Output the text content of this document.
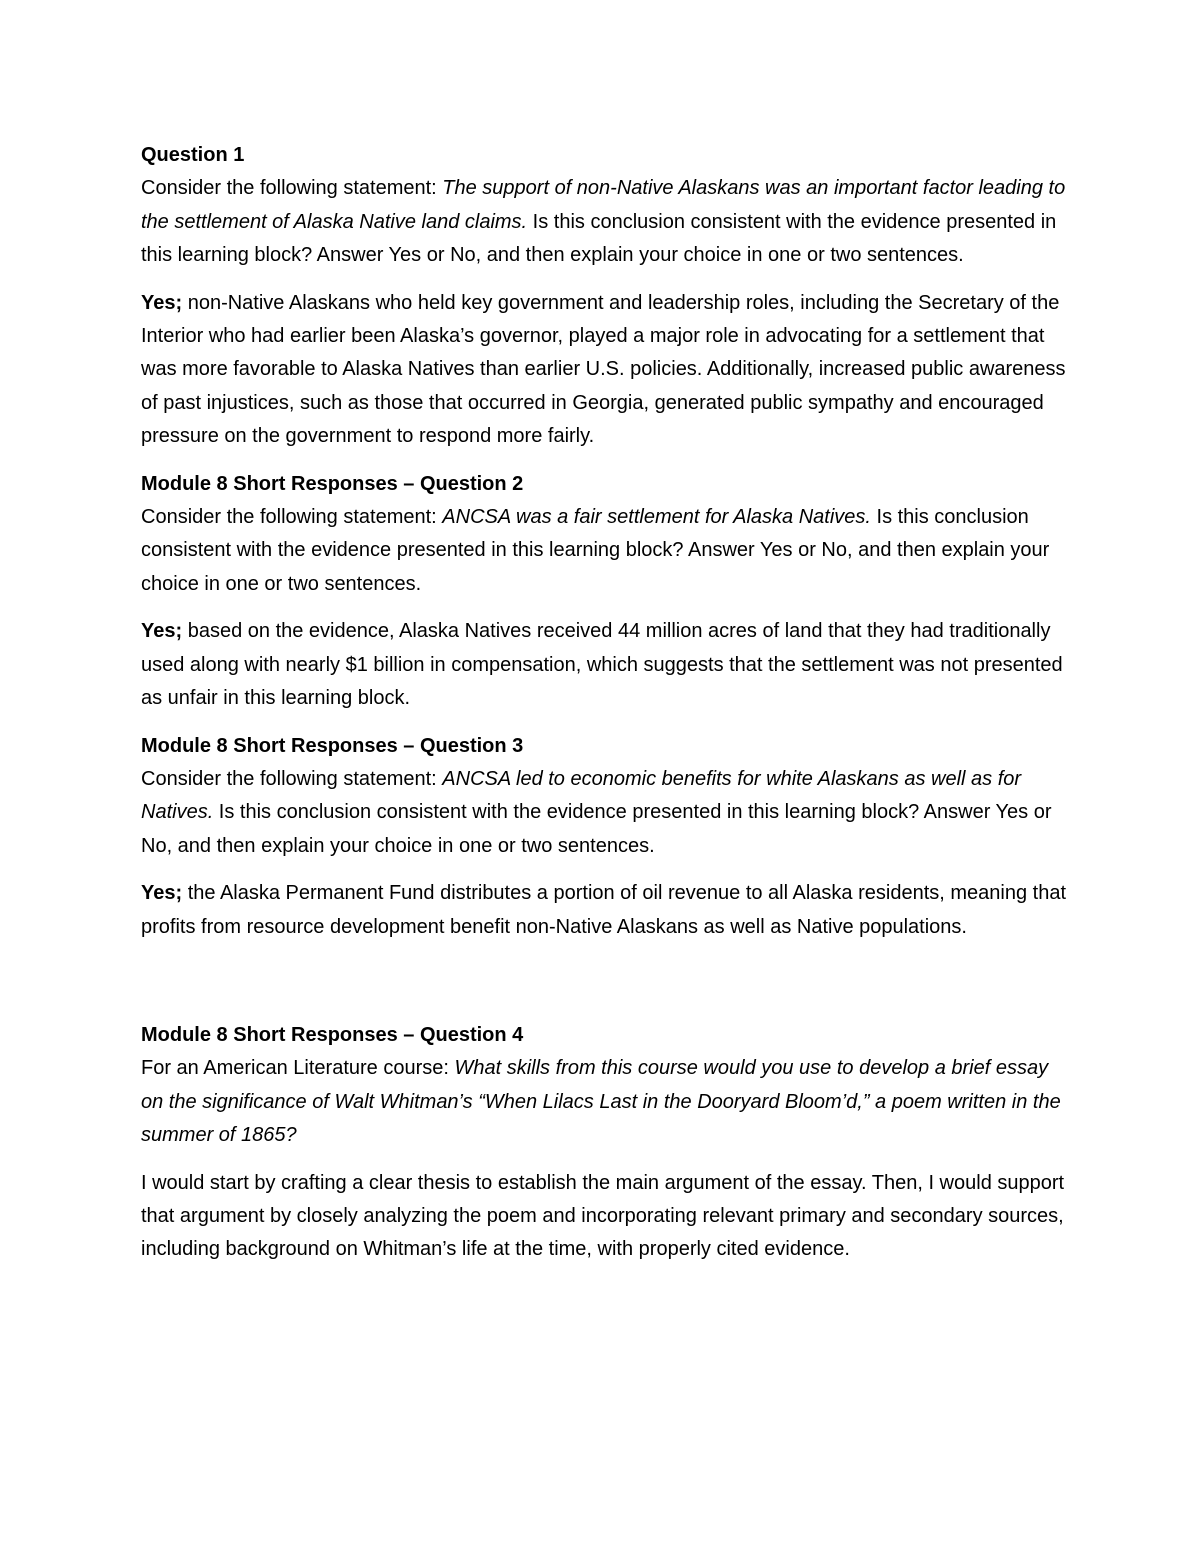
Question 1
Consider the following statement: The support of non-Native Alaskans was an important factor leading to the settlement of Alaska Native land claims. Is this conclusion consistent with the evidence presented in this learning block? Answer Yes or No, and then explain your choice in one or two sentences.

Yes; non-Native Alaskans who held key government and leadership roles, including the Secretary of the Interior who had earlier been Alaska’s governor, played a major role in advocating for a settlement that was more favorable to Alaska Natives than earlier U.S. policies. Additionally, increased public awareness of past injustices, such as those that occurred in Georgia, generated public sympathy and encouraged pressure on the government to respond more fairly.

Module 8 Short Responses – Question 2
Consider the following statement: ANCSA was a fair settlement for Alaska Natives. Is this conclusion consistent with the evidence presented in this learning block? Answer Yes or No, and then explain your choice in one or two sentences.

Yes; based on the evidence, Alaska Natives received 44 million acres of land that they had traditionally used along with nearly $1 billion in compensation, which suggests that the settlement was not presented as unfair in this learning block.

Module 8 Short Responses – Question 3
Consider the following statement: ANCSA led to economic benefits for white Alaskans as well as for Natives. Is this conclusion consistent with the evidence presented in this learning block? Answer Yes or No, and then explain your choice in one or two sentences.

Yes; the Alaska Permanent Fund distributes a portion of oil revenue to all Alaska residents, meaning that profits from resource development benefit non-Native Alaskans as well as Native populations.

Module 8 Short Responses – Question 4
For an American Literature course: What skills from this course would you use to develop a brief essay on the significance of Walt Whitman’s “When Lilacs Last in the Dooryard Bloom’d,” a poem written in the summer of 1865?

I would start by crafting a clear thesis to establish the main argument of the essay. Then, I would support that argument by closely analyzing the poem and incorporating relevant primary and secondary sources, including background on Whitman’s life at the time, with properly cited evidence.
